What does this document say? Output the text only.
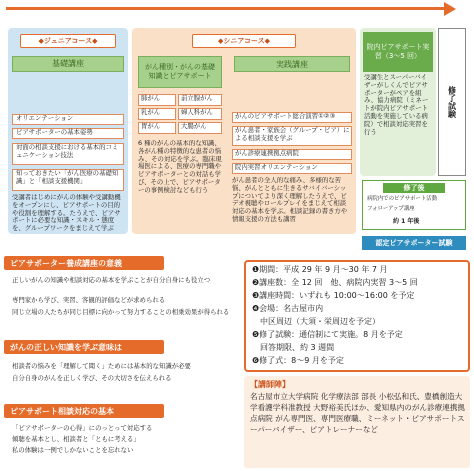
◆ジュニアコース◆
基礎講座
オリエンテーション
ピアサポーターの基本姿勢
対面の相談支援における基本的コミュニケーション技法
知っておきたい「がん医療の基礎知識」と「相談支援機関」
受講者はじめにがんの体験や受講動機をオープンにし、ピアサポートの目的や役割を理解する。たうえで、ピアサポートに必要な知識・スキル・態度を、グループワークをまじえて学ぶ
◆シニアコース◆
がん種別・がんの基礎知識とピアサポート
肺がん	前立腺がん
乳がん	婦人科がん
胃がん	大腸がん
6 種のがんの基本的な知識、各がん種の特徴的な患者の悩み、その対応を学ぶ。臨床現場医による、医療の専門職やピアサポーターとの対話も学び、その上で、ピアサポーターの事例検討なども行う
実践講座
がんのピアサポート総合演習①②③
がん患者・家族会（グループ・ピア）による相談支援を学ぶ
がん診療連携拠点病院
院内実習オリエンテーション
がん患者の全人的な痛み、多様的な苦悩、がんとともに生きるサバイバーシップについてより深く理解したうえで、ビデオ視聴やロールプレイをまじえて相談対応の基本を学ぶ。相談記録の書き方や情報支援の方法も講習
院内ピアサポート実習（3〜5 回）
受講生とスーパーバイザーがしくんでピアサポーターがペアを組み、協力病院（ミネートが院内ピアサポート活動を実施している病院）で相談対応実習を行う
修了試験
修了後
病院内でのピアサポート活動
フォローアップ講座
約 1 年後
認定ピアサポーター試験
ピアサポーター養成講座の意義
正しいがんの知識や相談対応の基本を学ぶことが自分自身にも役立つ
専門家から学び、実習、客観的評価などが求められる
同じ立場の人たちが同じ目標に向かって努力することの相乗効果が得られる
がんの正しい知識を学ぶ意味は
相談者の悩みを「理解して聞く」ためには基本的な知識が必要
自分自身のがんを正しく学び、その大切さを伝えられる
ピアサポート相談対応の基本
「ピアサポーターの心得」にのっとって対応する
傾聴を基本とし、相談者と「ともに考える」
私の体験は一例でしかないことを忘れない
❶期間：平成 29 年 9 月〜30 年 7 月
❷講座数：全 12 回　他、病院内実習 3〜5 回
❸講座時間：いずれも 10:00〜16:00 を予定
❹会場：名古屋市内
　中区周辺（大須・栄周辺を予定）
❺修了試験：通信制にて実施。8 月を予定
　回答期限、約 3 週間
❻修了式：8〜9 月を予定
【講師陣】
名古屋市立大学病院 化学療法部 部長 小松弘和氏、豊橋創造大学看護学科准教授 大野裕美氏ほか、愛知県内のがん診療連携拠点病院 がん専門医、専門医療職、ミーネット・ピアサポートスーパーバイザー、ピアトレーナーなど
